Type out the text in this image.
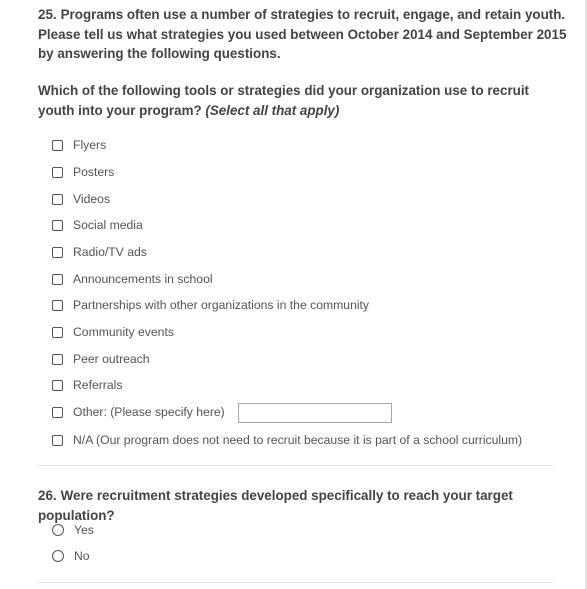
25. Programs often use a number of strategies to recruit, engage, and retain youth.
Please tell us what strategies you used between October 2014 and September 2015
by answering the following questions.
Which of the following tools or strategies did your organization use to recruit
youth into your program? (Select all that apply)
Flyers
Posters
Videos
Social media
Radio/TV ads
Announcements in school
Partnerships with other organizations in the community
Community events
Peer outreach
Referrals
Other: (Please specify here)
N/A (Our program does not need to recruit because it is part of a school curriculum)
26. Were recruitment strategies developed specifically to reach your target population?
Yes
No
